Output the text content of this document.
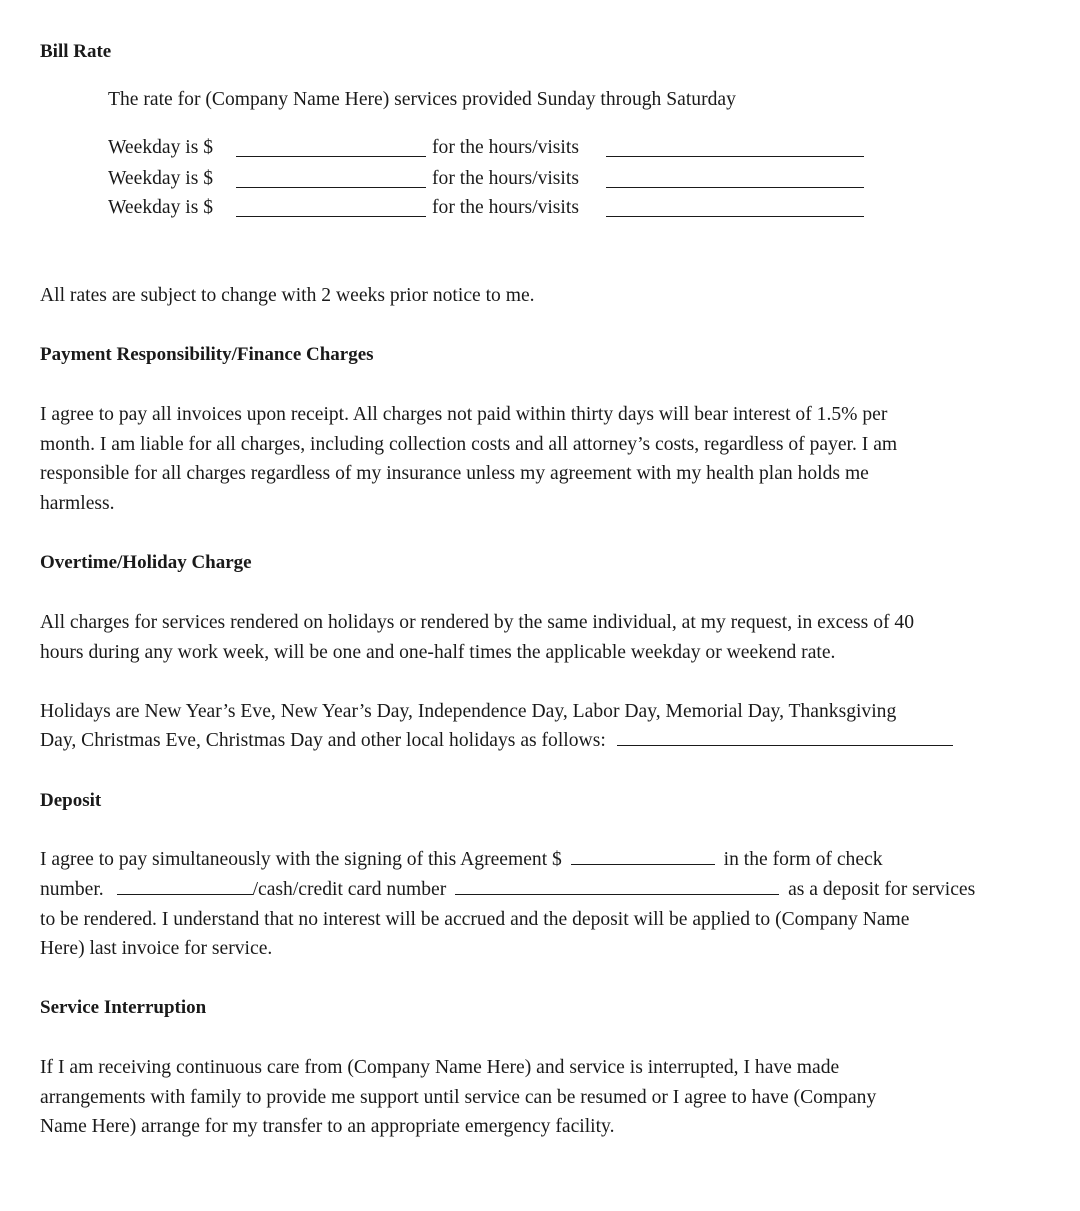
Bill Rate
The rate for (Company Name Here) services provided Sunday through Saturday
Weekday is $	for the hours/visits
Weekday is $	for the hours/visits
Weekday is $	for the hours/visits
All rates are subject to change with 2 weeks prior notice to me.
Payment Responsibility/Finance Charges
I agree to pay all invoices upon receipt. All charges not paid within thirty days will bear interest of 1.5% per
month. I am liable for all charges, including collection costs and all attorney’s costs, regardless of payer. I am
responsible for all charges regardless of my insurance unless my agreement with my health plan holds me
harmless.
Overtime/Holiday Charge
All charges for services rendered on holidays or rendered by the same individual, at my request, in excess of 40
hours during any work week, will be one and one-half times the applicable weekday or weekend rate.
Holidays are New Year’s Eve, New Year’s Day, Independence Day, Labor Day, Memorial Day, Thanksgiving
Day, Christmas Eve, Christmas Day and other local holidays as follows:
Deposit
I agree to pay simultaneously with the signing of this Agreement $	in the form of check
number.	/cash/credit card number	as a deposit for services
to be rendered. I understand that no interest will be accrued and the deposit will be applied to (Company Name
Here) last invoice for service.
Service Interruption
If I am receiving continuous care from (Company Name Here) and service is interrupted, I have made
arrangements with family to provide me support until service can be resumed or I agree to have (Company
Name Here) arrange for my transfer to an appropriate emergency facility.
